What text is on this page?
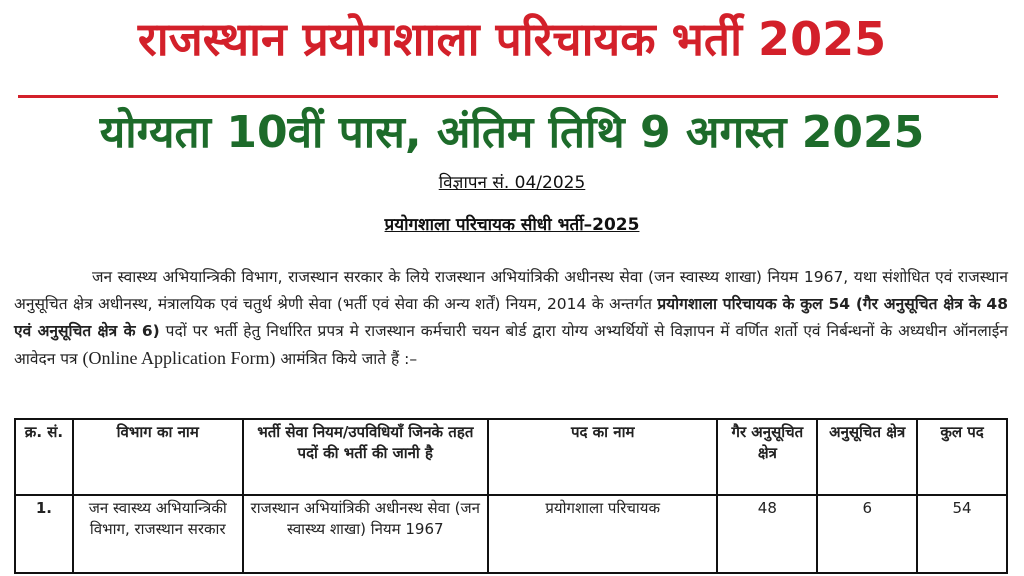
राजस्थान प्रयोगशाला परिचायक भर्ती 2025
योग्यता 10वीं पास, अंतिम तिथि 9 अगस्त 2025
विज्ञापन सं. 04/2025
प्रयोगशाला परिचायक सीधी भर्ती–2025
जन स्वास्थ्य अभियान्त्रिकी विभाग, राजस्थान सरकार के लिये राजस्थान अभियांत्रिकी अधीनस्थ सेवा (जन स्वास्थ्य शाखा) नियम 1967, यथा संशोधित एवं राजस्थान अनुसूचित क्षेत्र अधीनस्थ, मंत्रालयिक एवं चतुर्थ श्रेणी सेवा (भर्ती एवं सेवा की अन्य शर्तें) नियम, 2014 के अन्तर्गत प्रयोगशाला परिचायक के कुल 54 (गैर अनुसूचित क्षेत्र के 48 एवं अनुसूचित क्षेत्र के 6) पदों पर भर्ती हेतु निर्धारित प्रपत्र मे राजस्थान कर्मचारी चयन बोर्ड द्वारा योग्य अभ्यर्थियों से विज्ञापन में वर्णित शर्तो एवं निर्बन्धनों के अध्यधीन ऑनलाईन आवेदन पत्र (Online Application Form) आमंत्रित किये जाते हैं :–
क्र. सं.	विभाग का नाम	भर्ती सेवा नियम/उपविधियॉं जिनके तहत पदों की भर्ती की जानी है	पद का नाम	गैर अनुसूचित क्षेत्र	अनुसूचित क्षेत्र	कुल पद
1.	जन स्वास्थ्य अभियान्त्रिकी विभाग, राजस्थान सरकार	राजस्थान अभियांत्रिकी अधीनस्थ सेवा (जन स्वास्थ्य शाखा) नियम 1967	प्रयोगशाला परिचायक	48	6	54
